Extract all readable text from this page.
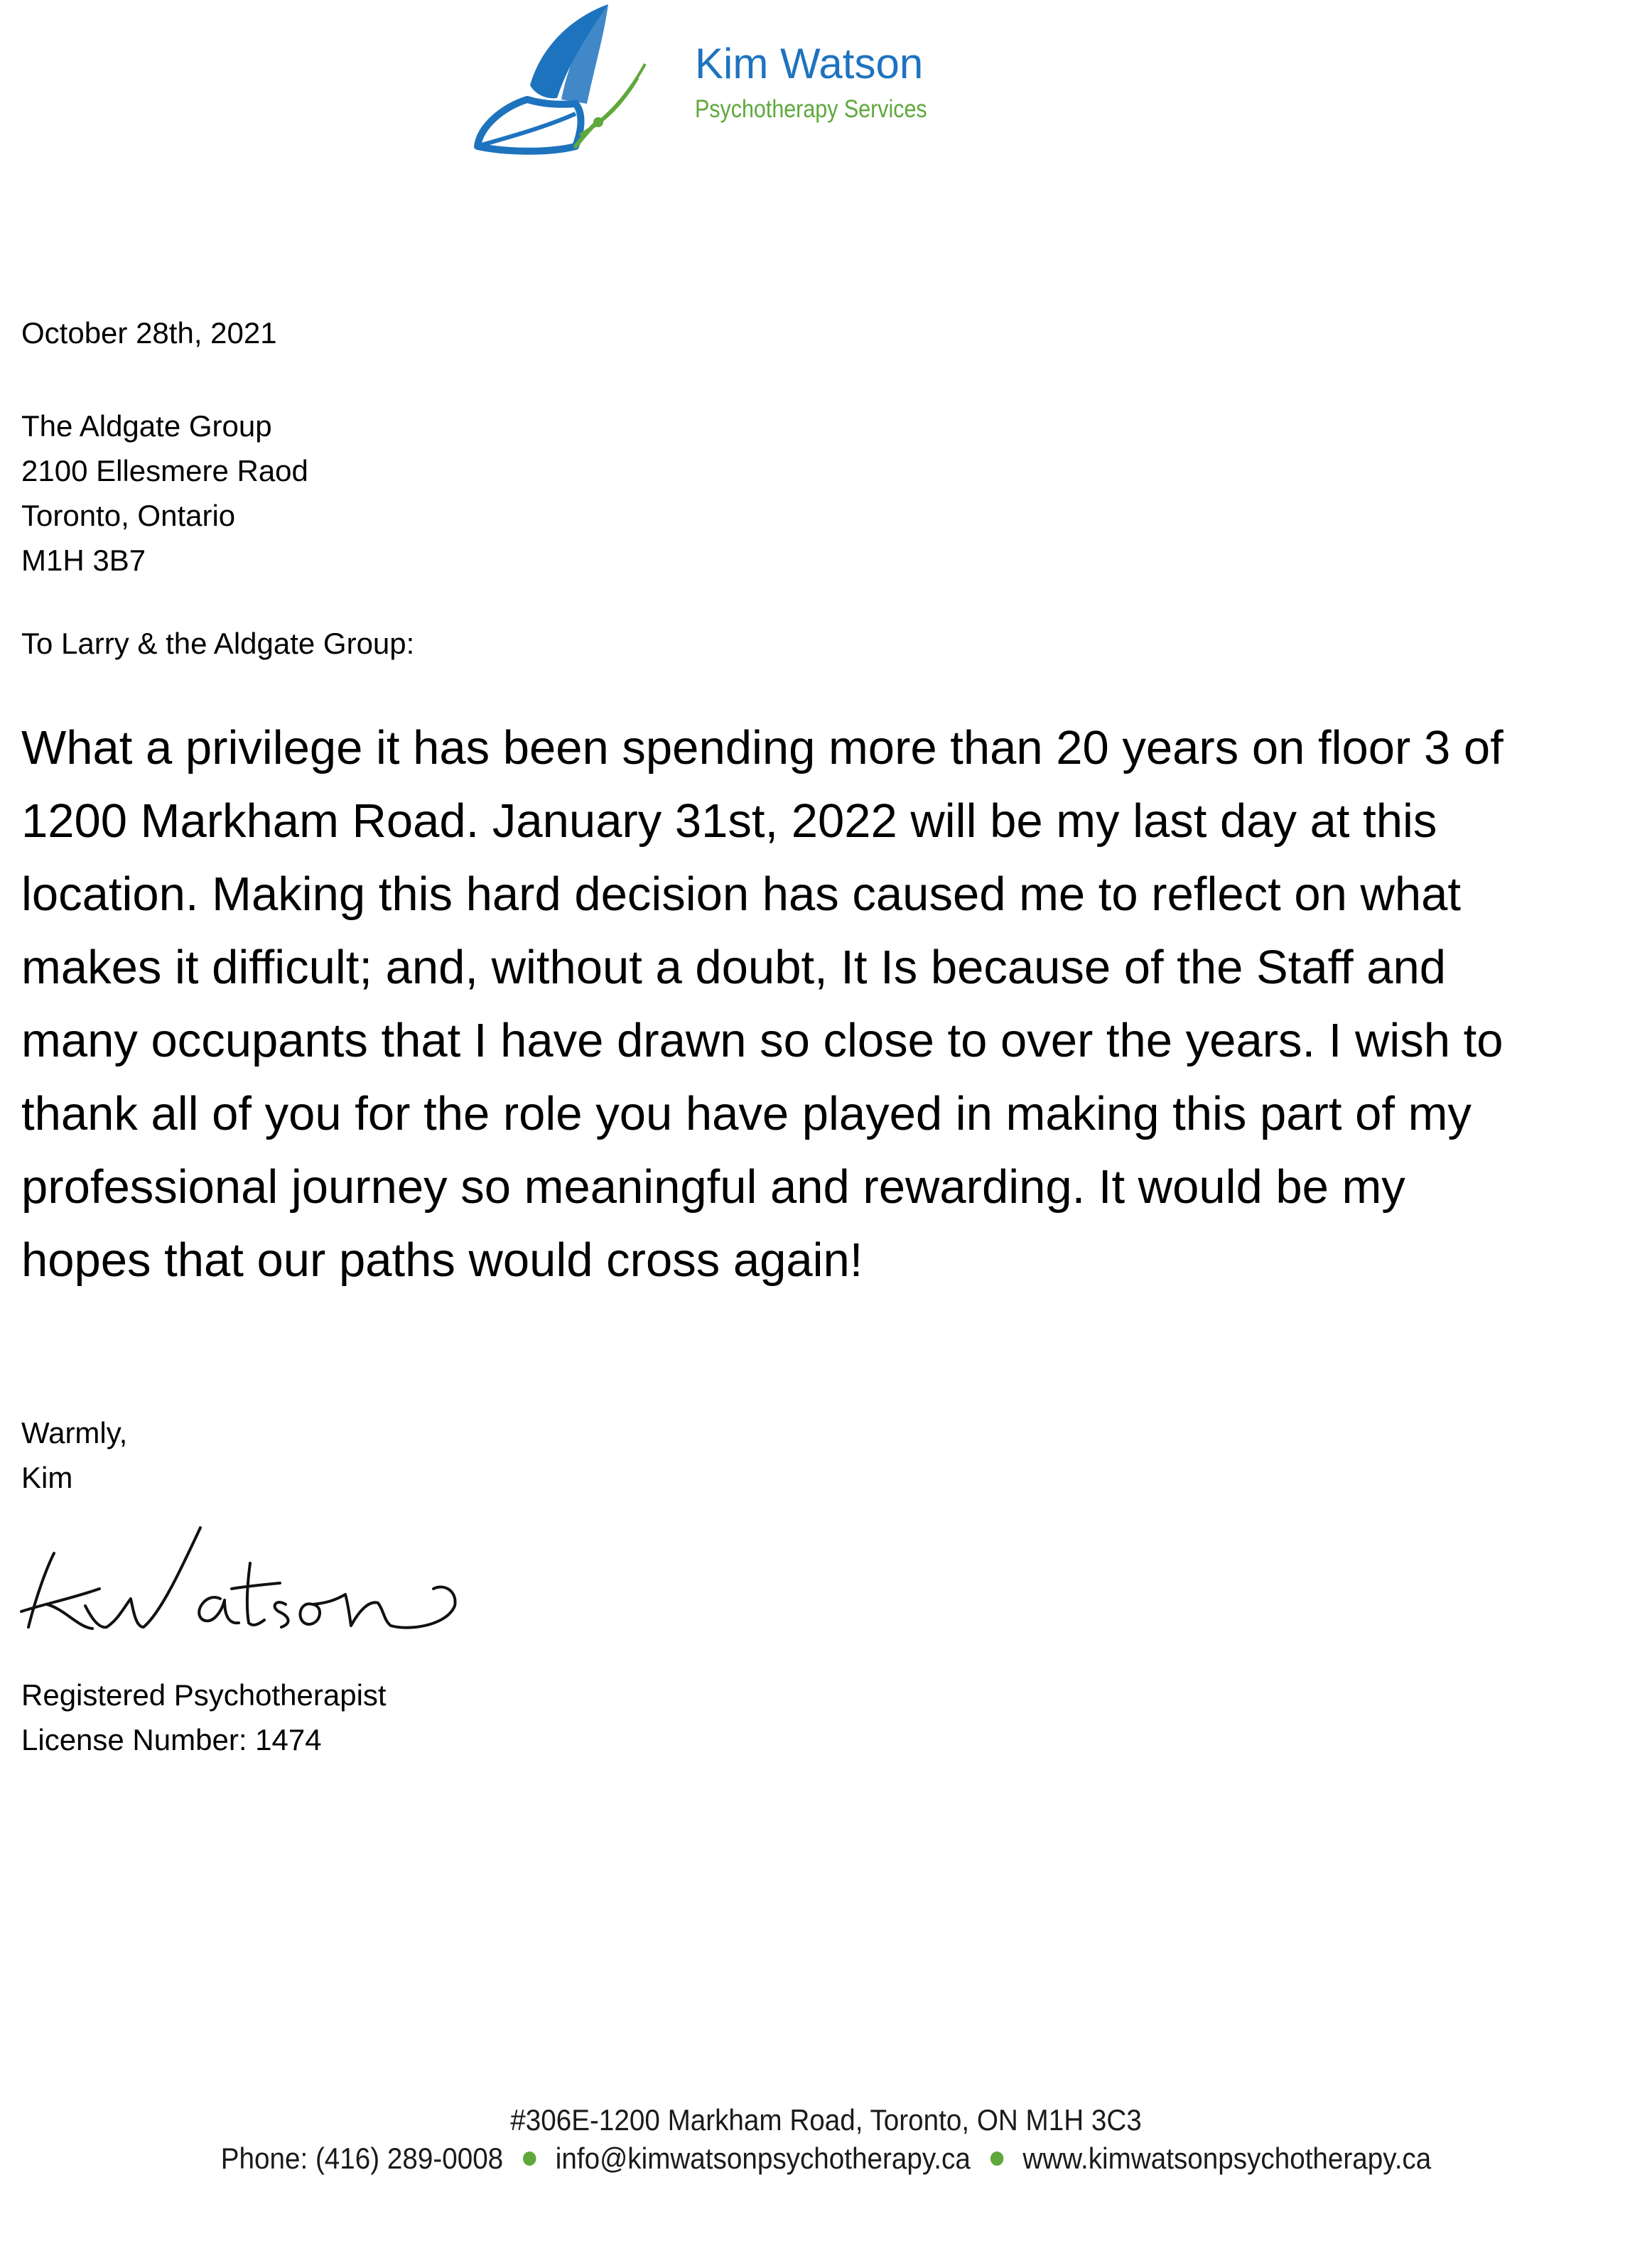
Kim Watson
Psychotherapy Services
October 28th, 2021
The Aldgate Group
2100 Ellesmere Raod
Toronto, Ontario
M1H 3B7
To Larry & the Aldgate Group:

What a privilege it has been spending more than 20 years on floor 3 of 1200 Markham Road. January 31st, 2022 will be my last day at this location. Making this hard decision has caused me to reflect on what makes it difficult; and, without a doubt, It Is because of the Staff and many occupants that I have drawn so close to over the years. I wish to thank all of you for the role you have played in making this part of my professional journey so meaningful and rewarding. It would be my hopes that our paths would cross again!

Warmly,
Kim
Registered Psychotherapist
License Number: 1474
#306E-1200 Markham Road, Toronto, ON M1H 3C3
Phone: (416) 289-0008 info@kimwatsonpsychotherapy.ca www.kimwatsonpsychotherapy.ca
